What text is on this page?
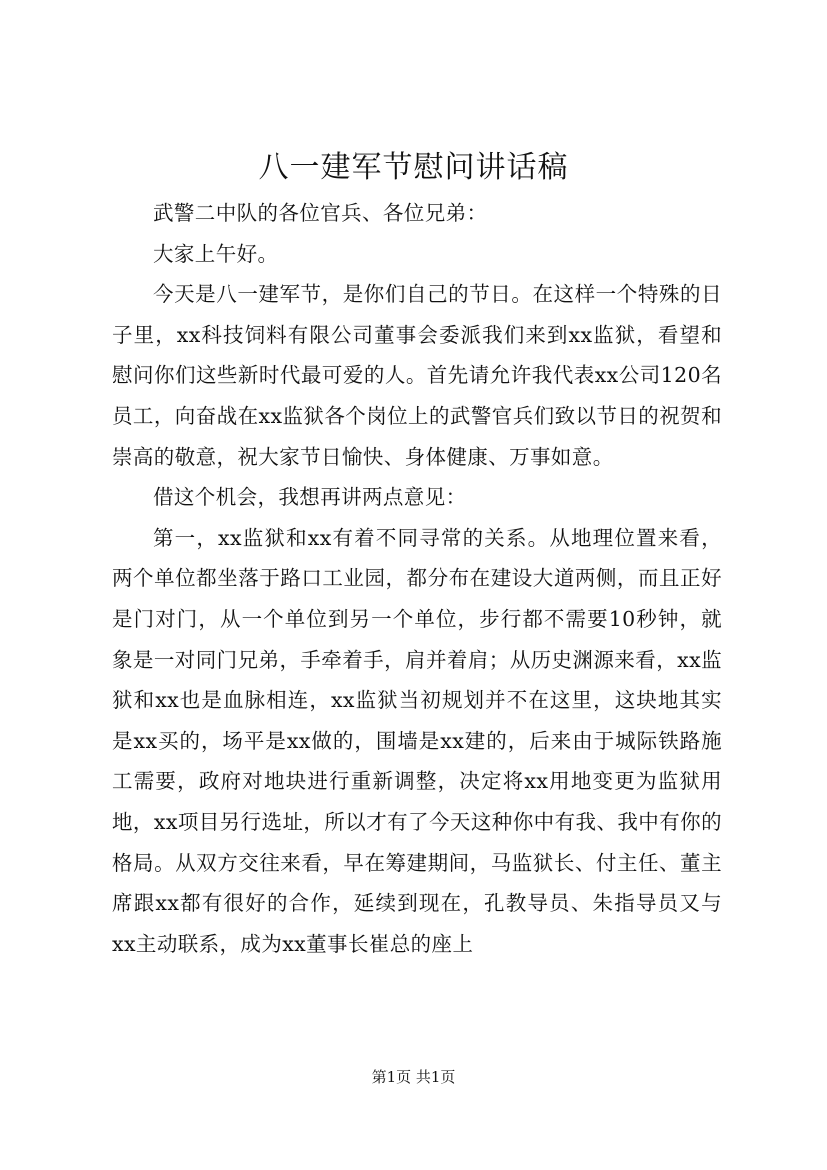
八一建军节慰问讲话稿

武警二中队的各位官兵、各位兄弟：

大家上午好。

今天是八一建军节，是你们自己的节日。在这样一个特殊的日子里，xx科技饲料有限公司董事会委派我们来到xx监狱，看望和慰问你们这些新时代最可爱的人。首先请允许我代表xx公司120名员工，向奋战在xx监狱各个岗位上的武警官兵们致以节日的祝贺和崇高的敬意，祝大家节日愉快、身体健康、万事如意。

借这个机会，我想再讲两点意见：

第一，xx监狱和xx有着不同寻常的关系。从地理位置来看，两个单位都坐落于路口工业园，都分布在建设大道两侧，而且正好是门对门，从一个单位到另一个单位，步行都不需要10秒钟，就象是一对同门兄弟，手牵着手，肩并着肩；从历史渊源来看，xx监狱和xx也是血脉相连，xx监狱当初规划并不在这里，这块地其实是xx买的，场平是xx做的，围墙是xx建的，后来由于城际铁路施工需要，政府对地块进行重新调整，决定将xx用地变更为监狱用地，xx项目另行选址，所以才有了今天这种你中有我、我中有你的格局。从双方交往来看，早在筹建期间，马监狱长、付主任、董主席跟xx都有很好的合作，延续到现在，孔教导员、朱指导员又与xx主动联系，成为xx董事长崔总的座上

第1页 共1页
